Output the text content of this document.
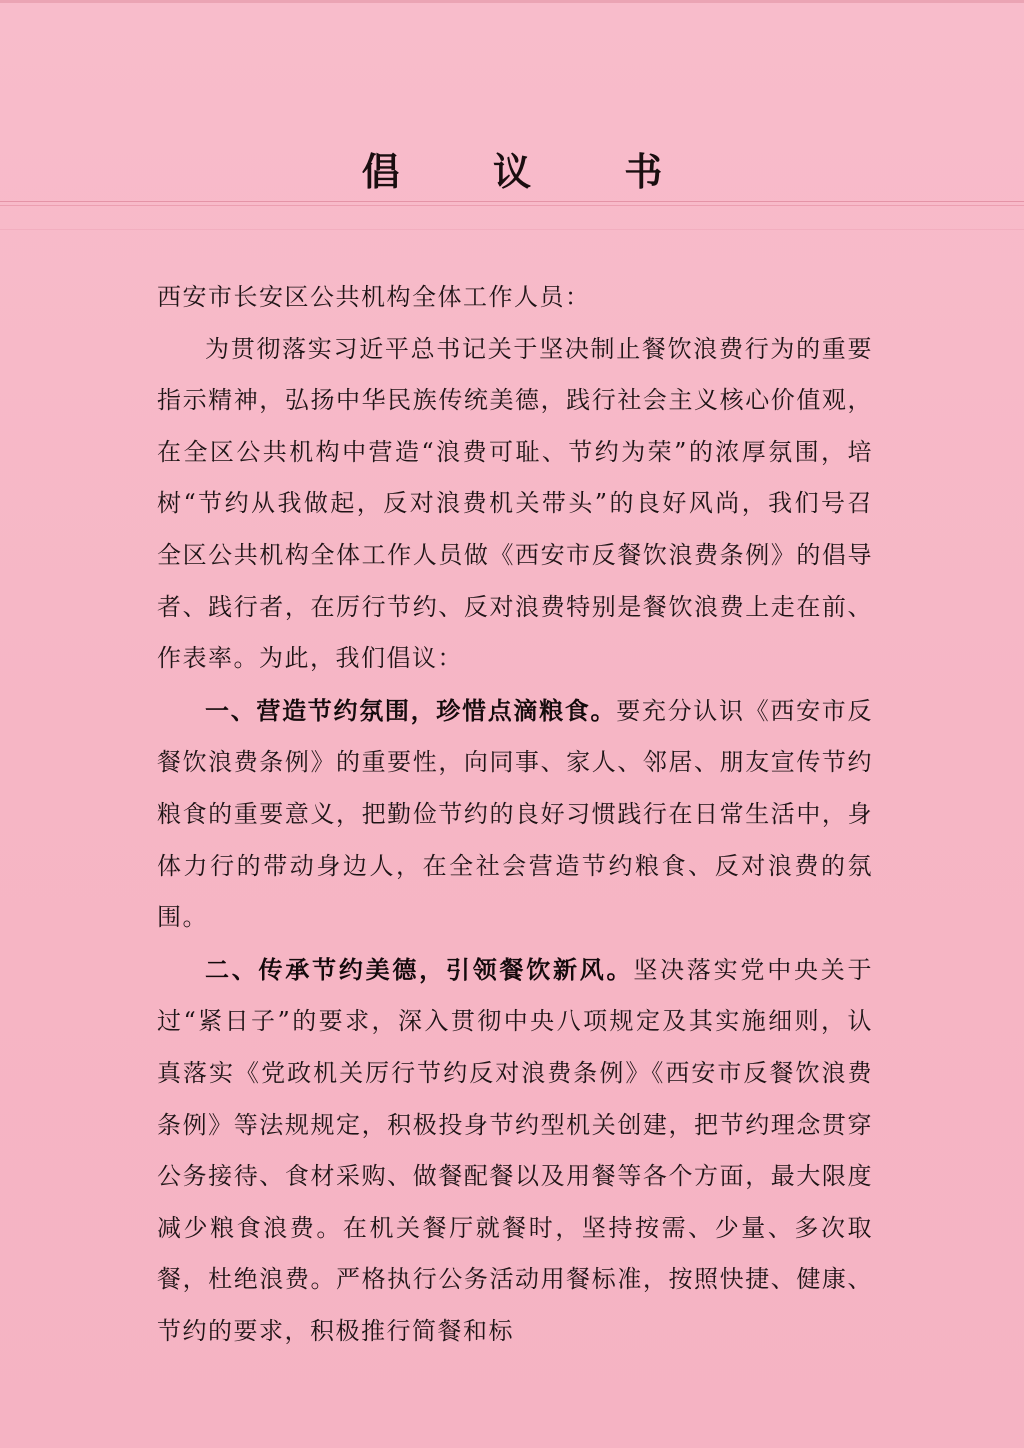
倡 议 书

西安市长安区公共机构全体工作人员：

为贯彻落实习近平总书记关于坚决制止餐饮浪费行为的重要指示精神，弘扬中华民族传统美德，践行社会主义核心价值观，在全区公共机构中营造“浪费可耻、节约为荣”的浓厚氛围，培树“节约从我做起，反对浪费机关带头”的良好风尚，我们号召全区公共机构全体工作人员做《西安市反餐饮浪费条例》的倡导者、践行者，在厉行节约、反对浪费特别是餐饮浪费上走在前、作表率。为此，我们倡议：

一、营造节约氛围，珍惜点滴粮食。要充分认识《西安市反餐饮浪费条例》的重要性，向同事、家人、邻居、朋友宣传节约粮食的重要意义，把勤俭节约的良好习惯践行在日常生活中，身体力行的带动身边人，在全社会营造节约粮食、反对浪费的氛围。

二、传承节约美德，引领餐饮新风。坚决落实党中央关于过“紧日子”的要求，深入贯彻中央八项规定及其实施细则，认真落实《党政机关厉行节约反对浪费条例》《西安市反餐饮浪费条例》等法规规定，积极投身节约型机关创建，把节约理念贯穿公务接待、食材采购、做餐配餐以及用餐等各个方面，最大限度减少粮食浪费。在机关餐厅就餐时，坚持按需、少量、多次取餐，杜绝浪费。严格执行公务活动用餐标准，按照快捷、健康、节约的要求，积极推行简餐和标
